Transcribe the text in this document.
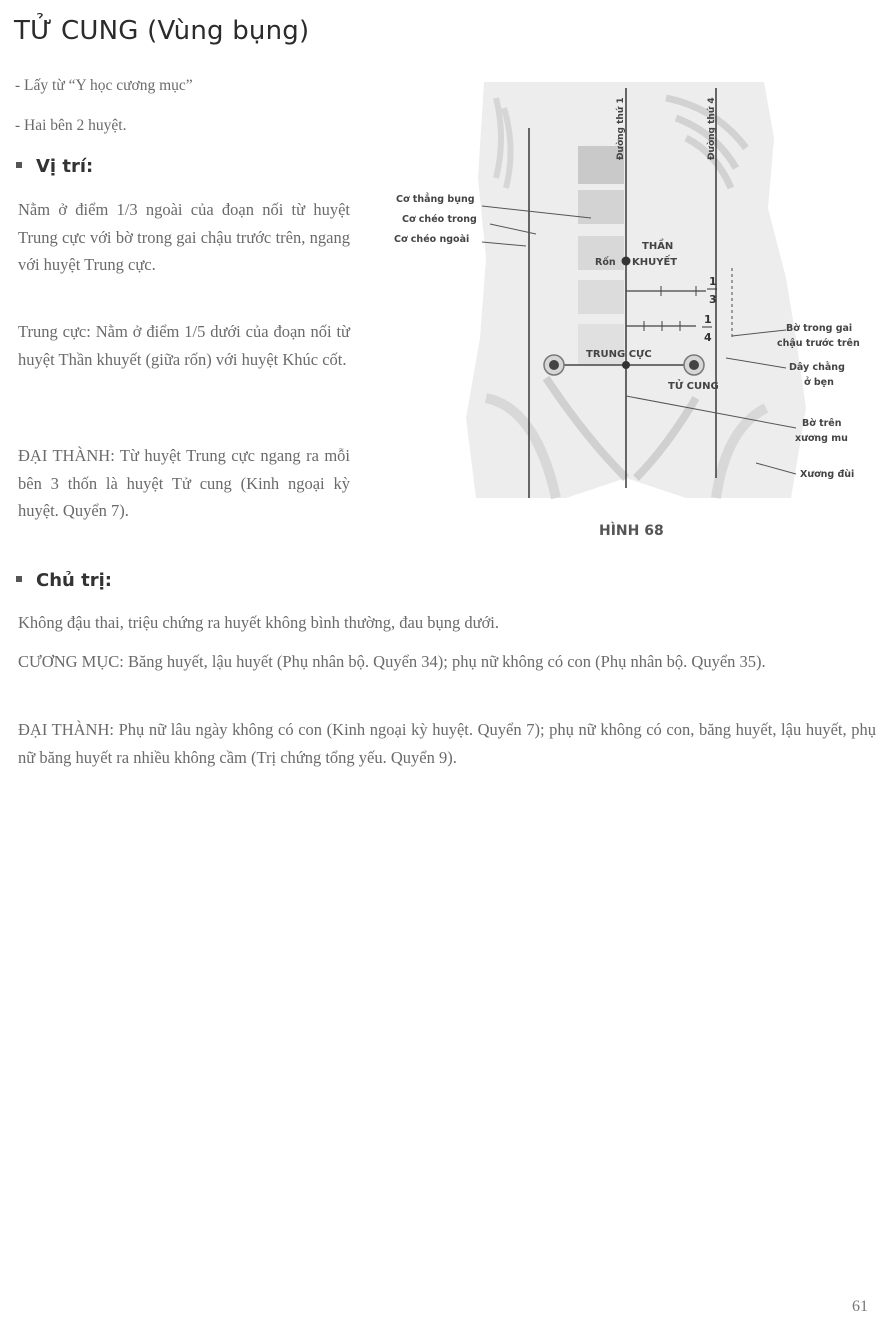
TỬ CUNG (Vùng bụng)

- Lấy từ “Y học cương mục”

- Hai bên 2 huyệt.

Vị trí:

Nằm ở điểm 1/3 ngoài của đoạn nối từ huyệt Trung cực với bờ trong gai chậu trước trên, ngang với huyệt Trung cực.

Trung cực: Nằm ở điểm 1/5 dưới của đoạn nối từ huyệt Thần khuyết (giữa rốn) với huyệt Khúc cốt.

ĐẠI THÀNH: Từ huyệt Trung cực ngang ra mỗi bên 3 thốn là huyệt Tử cung (Kinh ngoại kỳ huyệt. Quyển 7).

Đường thứ 1	Đường thứ 4
Cơ thẳng bụng
Cơ chéo trong
Cơ chéo ngoài
THẦN
Rốn KHUYẾT
1
3
1
4
TRUNG CỰC
TỬ CUNG
Bờ trong gai
chậu trước trên
Dây chằng
ở bẹn
Bờ trên
xương mu
Xương đùi

HÌNH 68

Chủ trị:

Không đậu thai, triệu chứng ra huyết không bình thường, đau bụng dưới.

CƯƠNG MỤC: Băng huyết, lậu huyết (Phụ nhân bộ. Quyển 34); phụ nữ không có con (Phụ nhân bộ. Quyển 35).

ĐẠI THÀNH: Phụ nữ lâu ngày không có con (Kinh ngoại kỳ huyệt. Quyển 7); phụ nữ không có con, băng huyết, lậu huyết, phụ nữ băng huyết ra nhiều không cầm (Trị chứng tổng yếu. Quyển 9).

61
